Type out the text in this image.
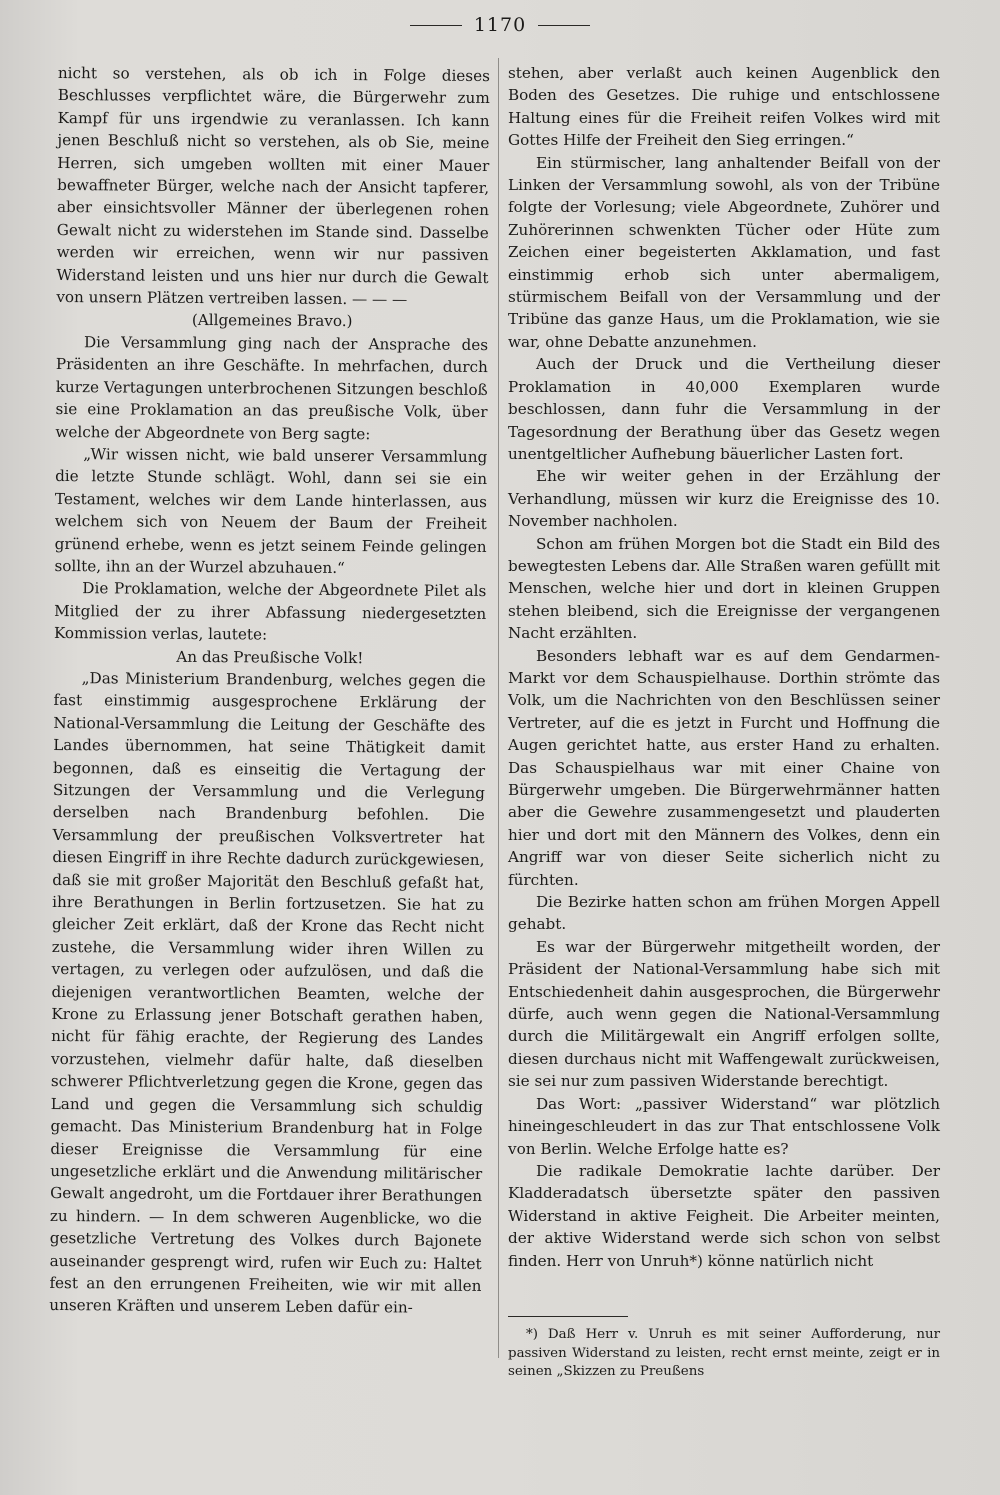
1170

nicht so verstehen, als ob ich in Folge dieses Beschlusses verpflichtet wäre, die Bürgerwehr zum Kampf für uns irgendwie zu veranlassen. Ich kann jenen Beschluß nicht so verstehen, als ob Sie, meine Herren, sich umgeben wollten mit einer Mauer bewaffneter Bürger, welche nach der Ansicht tapferer, aber einsichtsvoller Männer der überlegenen rohen Gewalt nicht zu widerstehen im Stande sind. Dasselbe werden wir erreichen, wenn wir nur passiven Widerstand leisten und uns hier nur durch die Gewalt von unsern Plätzen vertreiben lassen. — — —

(Allgemeines Bravo.)

Die Versammlung ging nach der Ansprache des Präsidenten an ihre Geschäfte. In mehrfachen, durch kurze Vertagungen unterbrochenen Sitzungen beschloß sie eine Proklamation an das preußische Volk, über welche der Abgeordnete von Berg sagte:

„Wir wissen nicht, wie bald unserer Versammlung die letzte Stunde schlägt. Wohl, dann sei sie ein Testament, welches wir dem Lande hinterlassen, aus welchem sich von Neuem der Baum der Freiheit grünend erhebe, wenn es jetzt seinem Feinde gelingen sollte, ihn an der Wurzel abzuhauen.“

Die Proklamation, welche der Abgeordnete Pilet als Mitglied der zu ihrer Abfassung niedergesetzten Kommission verlas, lautete:

An das Preußische Volk!

„Das Ministerium Brandenburg, welches gegen die fast einstimmig ausgesprochene Erklärung der National-Versammlung die Leitung der Geschäfte des Landes übernommen, hat seine Thätigkeit damit begonnen, daß es einseitig die Vertagung der Sitzungen der Versammlung und die Verlegung derselben nach Brandenburg befohlen. Die Versammlung der preußischen Volksvertreter hat diesen Eingriff in ihre Rechte dadurch zurückgewiesen, daß sie mit großer Majorität den Beschluß gefaßt hat, ihre Berathungen in Berlin fortzusetzen. Sie hat zu gleicher Zeit erklärt, daß der Krone das Recht nicht zustehe, die Versammlung wider ihren Willen zu vertagen, zu verlegen oder aufzulösen, und daß die diejenigen verantwortlichen Beamten, welche der Krone zu Erlassung jener Botschaft gerathen haben, nicht für fähig erachte, der Regierung des Landes vorzustehen, vielmehr dafür halte, daß dieselben schwerer Pflichtverletzung gegen die Krone, gegen das Land und gegen die Versammlung sich schuldig gemacht. Das Ministerium Brandenburg hat in Folge dieser Ereignisse die Versammlung für eine ungesetzliche erklärt und die Anwendung militärischer Gewalt angedroht, um die Fortdauer ihrer Berathungen zu hindern. — In dem schweren Augenblicke, wo die gesetzliche Vertretung des Volkes durch Bajonete auseinander gesprengt wird, rufen wir Euch zu: Haltet fest an den errungenen Freiheiten, wie wir mit allen unseren Kräften und unserem Leben dafür ein-

stehen, aber verlaßt auch keinen Augenblick den Boden des Gesetzes. Die ruhige und entschlossene Haltung eines für die Freiheit reifen Volkes wird mit Gottes Hilfe der Freiheit den Sieg erringen.“

Ein stürmischer, lang anhaltender Beifall von der Linken der Versammlung sowohl, als von der Tribüne folgte der Vorlesung; viele Abgeordnete, Zuhörer und Zuhörerinnen schwenkten Tücher oder Hüte zum Zeichen einer begeisterten Akklamation, und fast einstimmig erhob sich unter abermaligem, stürmischem Beifall von der Versammlung und der Tribüne das ganze Haus, um die Proklamation, wie sie war, ohne Debatte anzunehmen.

Auch der Druck und die Vertheilung dieser Proklamation in 40,000 Exemplaren wurde beschlossen, dann fuhr die Versammlung in der Tagesordnung der Berathung über das Gesetz wegen unentgeltlicher Aufhebung bäuerlicher Lasten fort.

Ehe wir weiter gehen in der Erzählung der Verhandlung, müssen wir kurz die Ereignisse des 10. November nachholen.

Schon am frühen Morgen bot die Stadt ein Bild des bewegtesten Lebens dar. Alle Straßen waren gefüllt mit Menschen, welche hier und dort in kleinen Gruppen stehen bleibend, sich die Ereignisse der vergangenen Nacht erzählten.

Besonders lebhaft war es auf dem Gendarmen-Markt vor dem Schauspielhause. Dorthin strömte das Volk, um die Nachrichten von den Beschlüssen seiner Vertreter, auf die es jetzt in Furcht und Hoffnung die Augen gerichtet hatte, aus erster Hand zu erhalten. Das Schauspielhaus war mit einer Chaine von Bürgerwehr umgeben. Die Bürgerwehrmänner hatten aber die Gewehre zusammengesetzt und plauderten hier und dort mit den Männern des Volkes, denn ein Angriff war von dieser Seite sicherlich nicht zu fürchten.

Die Bezirke hatten schon am frühen Morgen Appell gehabt.

Es war der Bürgerwehr mitgetheilt worden, der Präsident der National-Versammlung habe sich mit Entschiedenheit dahin ausgesprochen, die Bürgerwehr dürfe, auch wenn gegen die National-Versammlung durch die Militärgewalt ein Angriff erfolgen sollte, diesen durchaus nicht mit Waffengewalt zurückweisen, sie sei nur zum passiven Widerstande berechtigt.

Das Wort: „passiver Widerstand“ war plötzlich hineingeschleudert in das zur That entschlossene Volk von Berlin. Welche Erfolge hatte es?

Die radikale Demokratie lachte darüber. Der Kladderadatsch übersetzte später den passiven Widerstand in aktive Feigheit. Die Arbeiter meinten, der aktive Widerstand werde sich schon von selbst finden. Herr von Unruh*) könne natürlich nicht

*) Daß Herr v. Unruh es mit seiner Aufforderung, nur passiven Widerstand zu leisten, recht ernst meinte, zeigt er in seinen „Skizzen zu Preußens
